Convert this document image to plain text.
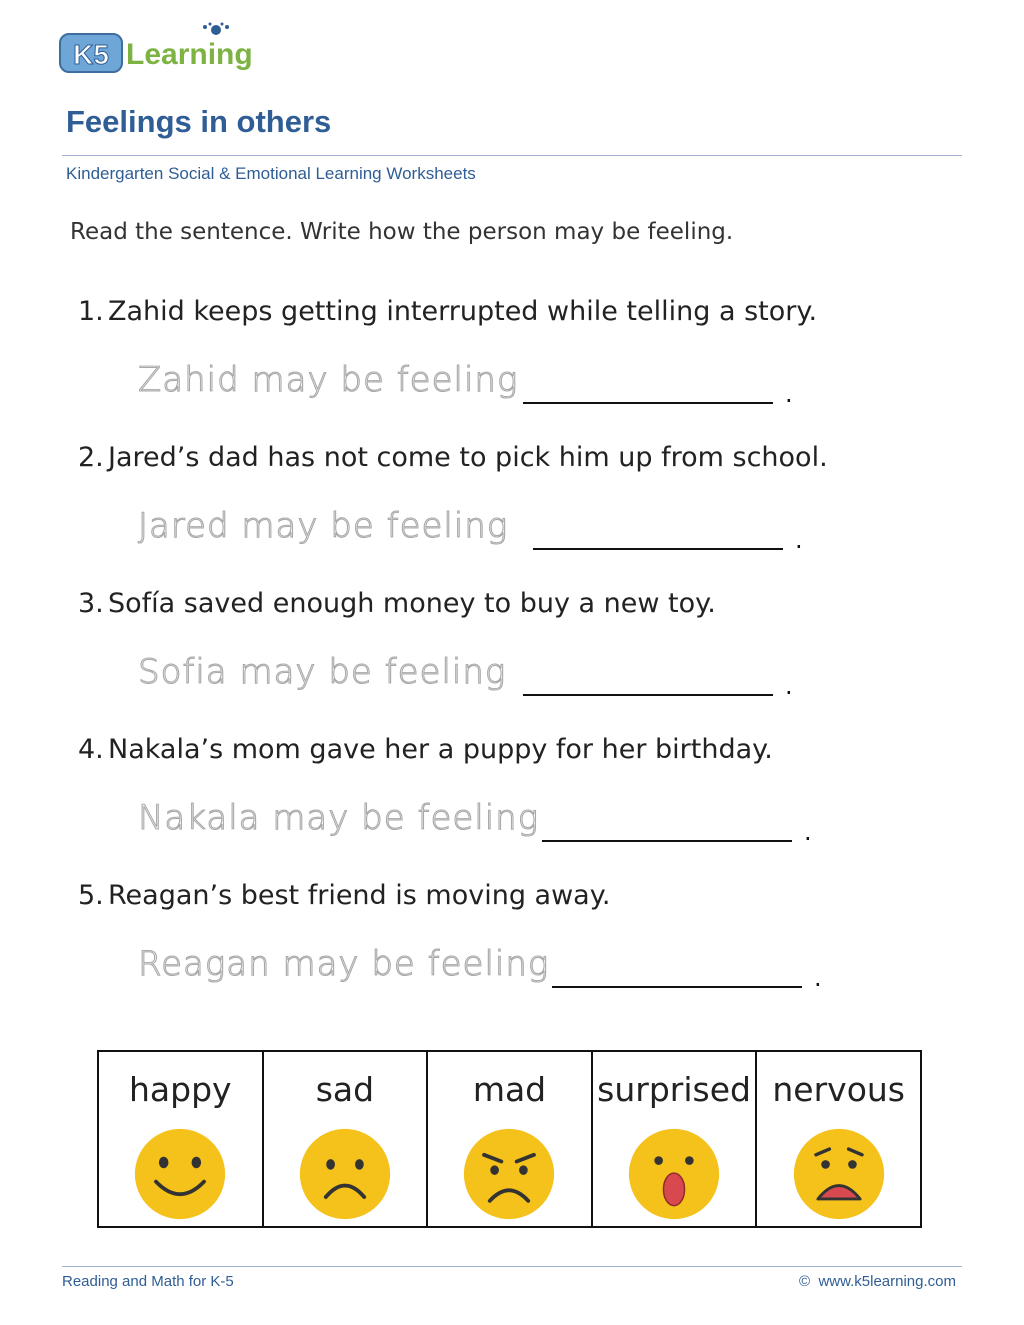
K5 Learning
Feelings in others
Kindergarten Social & Emotional Learning Worksheets
Read the sentence. Write how the person may be feeling.
1. Zahid keeps getting interrupted while telling a story.
Zahid may be feeling	.
2. Jared’s dad has not come to pick him up from school.
Jared may be feeling	.
3. Sofía saved enough money to buy a new toy.
Sofia may be feeling	.
4. Nakala’s mom gave her a puppy for her birthday.
Nakala may be feeling	.
5. Reagan’s best friend is moving away.
Reagan may be feeling	.
happy	sad	mad	surprised	nervous
Reading and Math for K-5	© www.k5learning.com
